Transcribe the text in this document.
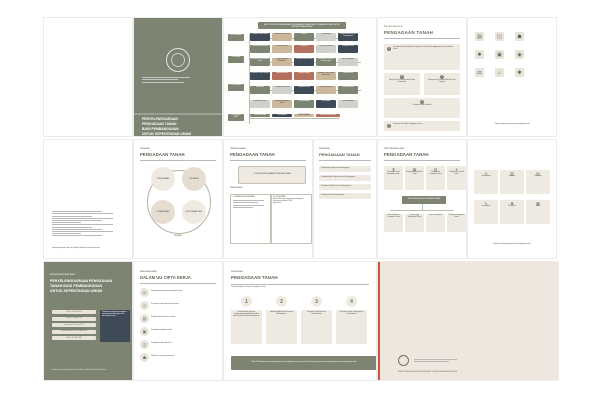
PENYELENGGARAAN
PENGADAAN TANAH
BAGI PEMBANGUNAN
UNTUK KEPENTINGAN UMUM
ALUR PENYELENGGARAAN PENGADAAN TANAH BAGI PEMBANGUNAN UNTUK KEPENTINGAN UMUM
PERENCANAAN
PERSIAPAN
PELAKSANAAN
PENYERAHAN HASIL
Dokumen Perencanaan	Instansi Pemerlu Tanah	Gubernur	Tim Persiapan	Pemberitahuan Rencana Pembangunan
Pendataan Awal Lokasi	Konsultasi Publik	Keberatan	Tim Kajian Keberatan	Penetapan Lokasi
Pengumuman Penetapan Lokasi
Inventarisasi dan Identifikasi
Penilaian Ganti Kerugian	Musyawarah Penetapan Ganti Kerugian
Hasil Kesepakatan
Pemberian Ganti Kerugian	Pengadilan Negeri	Mahkamah Agung	Penitipan Ganti Kerugian (Konsinyasi)
Pelepasan Hak
Berita Acara	Lembaga Pertanahan	Penyerahan Hasil	Kantor Pertanahan	Pendaftaran Hak
Pemutakhiran Data	Dokumen Pengadaan Tanah
PERENCANAAN	PERSIAPAN	PELAKSANAAN
PERENCANAAN	PERSIAPAN	PELAKSANAAN	PENYERAHAN HASIL
PELAKSANAAN
PENGADAAN TANAH
1
Inventarisasi dan Identifikasi Penguasaan, Pemilikan, Penggunaan dan Pemanfaatan Tanah
2
Penilaian Ganti Kerugian oleh Penilai Pertanahan
3
Musyawarah Penetapan Bentuk Ganti Kerugian
4
Pemberian Ganti Kerugian
5
Pelepasan Hak Objek Pengadaan Tanah
▤	◲	☗
✹	▣	◉
⚖	⌂	✱
Tahapan kegiatan pelaksanaan pengadaan tanah
Kementerian Agraria dan Tata Ruang / Badan Pertanahan Nasional
TAHAPAN
PENGADAAN TANAH
PERENCANAAN	PERSIAPAN
PELAKSANAAN	PENYERAHAN HASIL
TAHAPAN
PERENCANAAN
PENGADAAN TANAH
DOKUMEN PERENCANAAN PENGADAAN TANAH
PERENCANAAN
1. DISUSUN OLEH INSTANSI	2. ISI DOKUMEN
Maksud dan tujuan rencana pembangunan
Kesesuaian dengan RTRW
Letak tanah
PERSIAPAN
PENGADAAN TANAH
Pemberitahuan Rencana Pembangunan
Pendataan Awal Lokasi Rencana Pembangunan
Konsultasi Publik Rencana Pembangunan
Penetapan Lokasi Pembangunan
PENYERAHAN HASIL
PENGADAAN TANAH
⧗
Penyerahan hasil pengadaan tanah
▦
Paling lama 3 (tiga) hari kerja
▤
Berita acara penyerahan hasil
✦
Pendaftaran hak atas tanah
PENYERAHAN HASIL PENGADAAN TANAH
Ketua Pelaksana Pengadaan Tanah
Instansi yang Memerlukan Tanah
Kantor Pertanahan	Dokumen Pengadaan Tanah
◎
Pemantauan
▥
Evaluasi
▤
Pelaporan
✎
Pendaftaran
✹
Sertipikasi
▩
Arsip
Kegiatan setelah penyerahan hasil pengadaan tanah
SEKILAS PERATURAN BARU
PENYELENGGARAAN PENGADAAN
TANAH BAGI PEMBANGUNAN
UNTUK KEPENTINGAN UMUM
UU No. 2 Tahun 2012
PP No. 19 Tahun 2021
Perpres No. 71 Tahun 2012
Permen ATR/BPN No. 19 Tahun 2021
UU No. 11 Tahun 2020
Perubahan pengaturan pengadaan tanah bagi pembangunan untuk kepentingan umum
Sumber: Kementerian Agraria dan Tata Ruang / Badan Pertanahan Nasional
KEBIJAKAN BARU
DALAM UU CIPTA KERJA
⚖	Penyederhanaan tahapan pengadaan tanah
◷	Percepatan jangka waktu penyelesaian
▤	Penguatan dokumen perencanaan
▣	Pendanaan pengadaan tanah
◲	Pengadaan tanah skala kecil
☗	Pelibatan masyarakat terdampak
PERSIAPAN
PENGADAAN TANAH
Tahapan Kebijakan Persiapan Pengadaan Tanah
1
Pemberitahuan Rencana Pembangunan kepada Masyarakat pada Rencana Lokasi Pembangunan
2
Pendataan Awal Lokasi Rencana Pembangunan
3
Konsultasi Publik Rencana Pembangunan
4
Penetapan Lokasi Pembangunan oleh Gubernur
Waktu Pelaksanaan Persiapan Pengadaan Tanah paling lama 60 (enam puluh) hari kerja sejak diterimanya dokumen perencanaan pengadaan tanah
KEMENTERIAN AGRARIA DAN TATA RUANG / BADAN PERTANAHAN NASIONAL
